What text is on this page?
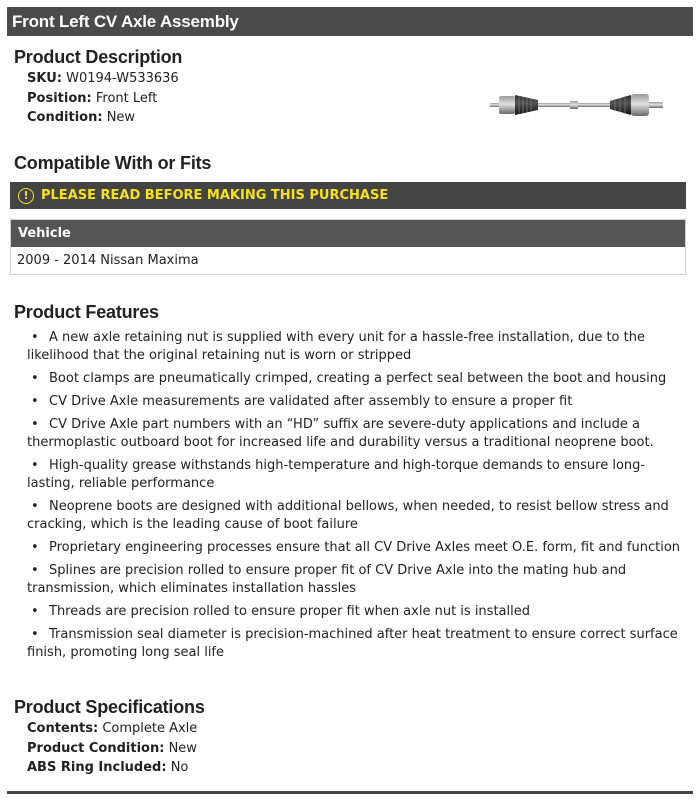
Front Left CV Axle Assembly
Product Description
SKU: W0194-W533636
Position: Front Left
Condition: New
Compatible With or Fits
! PLEASE READ BEFORE MAKING THIS PURCHASE
Vehicle
2009 - 2014 Nissan Maxima
Product Features
• A new axle retaining nut is supplied with every unit for a hassle-free installation, due to the likelihood that the original retaining nut is worn or stripped
• Boot clamps are pneumatically crimped, creating a perfect seal between the boot and housing
• CV Drive Axle measurements are validated after assembly to ensure a proper fit
• CV Drive Axle part numbers with an “HD” suffix are severe-duty applications and include a thermoplastic outboard boot for increased life and durability versus a traditional neoprene boot.
• High-quality grease withstands high-temperature and high-torque demands to ensure long-lasting, reliable performance
• Neoprene boots are designed with additional bellows, when needed, to resist bellow stress and cracking, which is the leading cause of boot failure
• Proprietary engineering processes ensure that all CV Drive Axles meet O.E. form, fit and function
• Splines are precision rolled to ensure proper fit of CV Drive Axle into the mating hub and transmission, which eliminates installation hassles
• Threads are precision rolled to ensure proper fit when axle nut is installed
• Transmission seal diameter is precision-machined after heat treatment to ensure correct surface finish, promoting long seal life
Product Specifications
Contents: Complete Axle
Product Condition: New
ABS Ring Included: No
